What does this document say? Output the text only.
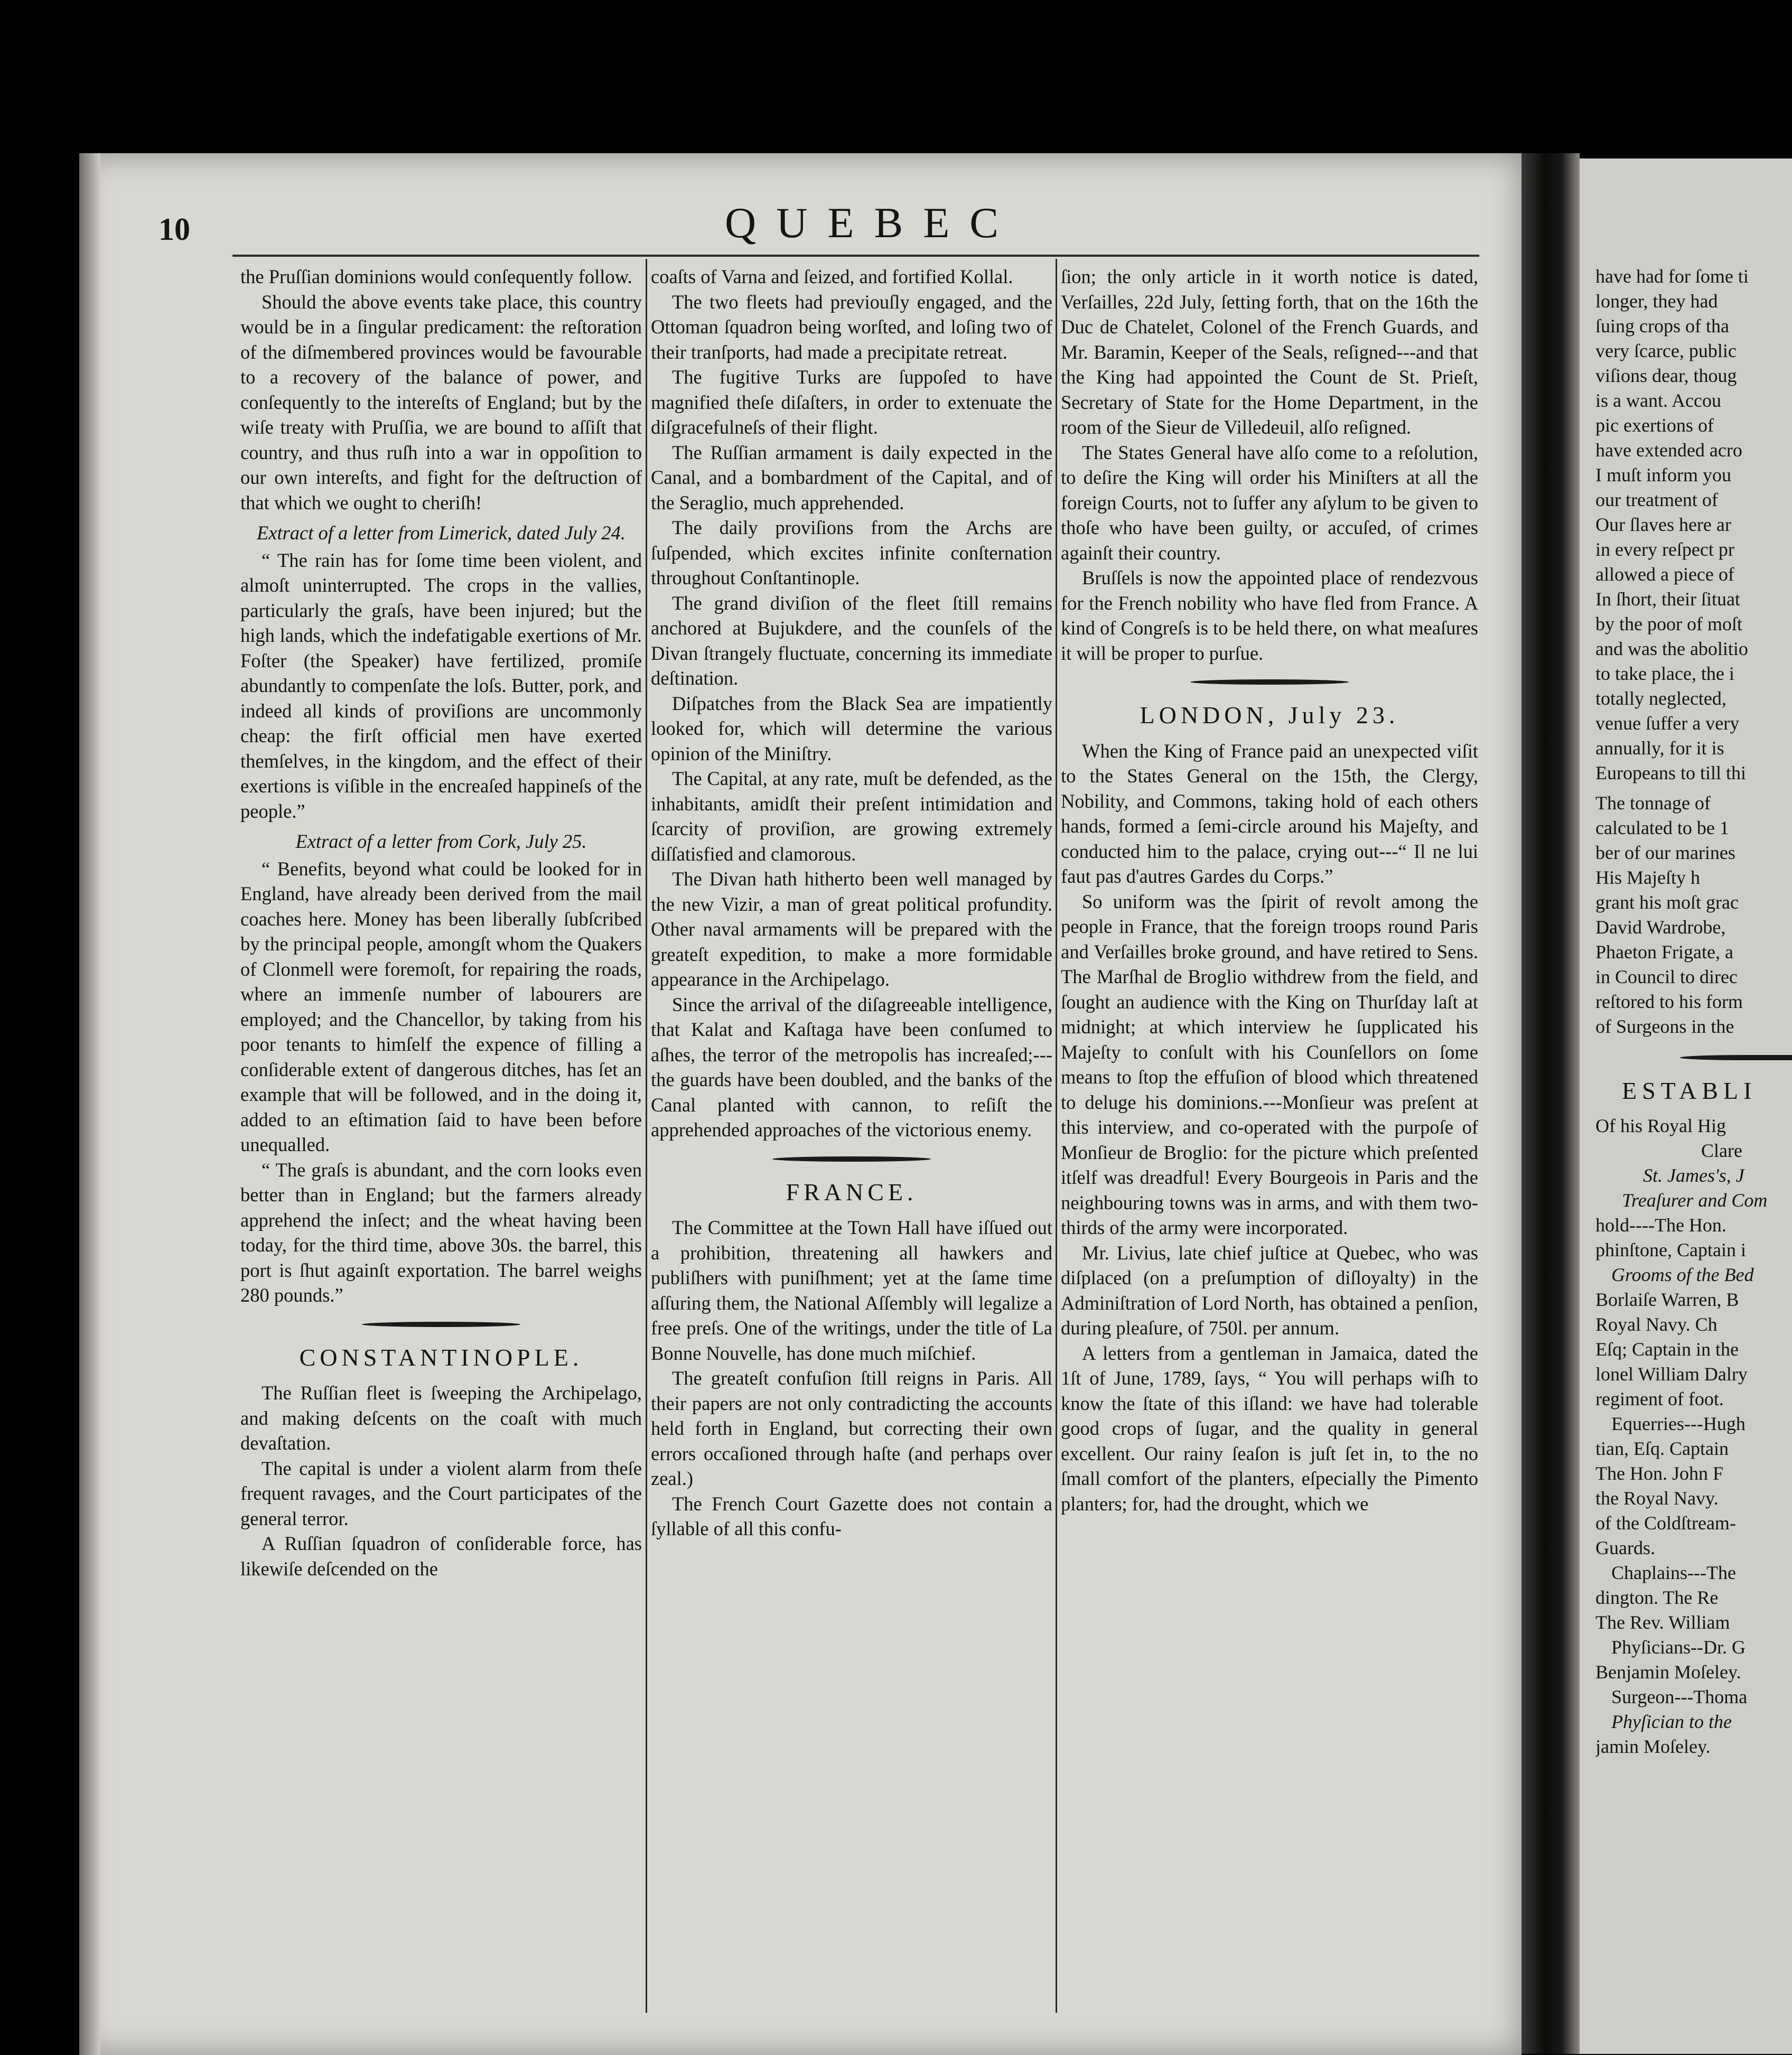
10	QUEBEC

the Pruſſian dominions would conſequently follow.

Should the above events take place, this country would be in a ſingular predicament: the reſtoration of the diſmembered provinces would be favourable to a recovery of the balance of power, and conſequently to the intereſts of England; but by the wiſe treaty with Pruſſia, we are bound to aſſiſt that country, and thus ruſh into a war in oppoſition to our own intereſts, and fight for the deſtruction of that which we ought to cheriſh!

Extract of a letter from Limerick, dated July 24.

“ The rain has for ſome time been violent, and almoſt uninterrupted. The crops in the vallies, particularly the graſs, have been injured; but the high lands, which the indefatigable exertions of Mr. Foſter (the Speaker) have fertilized, promiſe abundantly to compenſate the loſs. Butter, pork, and indeed all kinds of proviſions are uncommonly cheap: the firſt official men have exerted themſelves, in the kingdom, and the effect of their exertions is viſible in the encreaſed happineſs of the people.”

Extract of a letter from Cork, July 25.

“ Benefits, beyond what could be looked for in England, have already been derived from the mail coaches here. Money has been liberally ſubſcribed by the principal people, amongſt whom the Quakers of Clonmell were foremoſt, for repairing the roads, where an immenſe number of labourers are employed; and the Chancellor, by taking from his poor tenants to himſelf the expence of filling a conſiderable extent of dangerous ditches, has ſet an example that will be followed, and in the doing it, added to an eſtimation ſaid to have been before unequalled.

“ The graſs is abundant, and the corn looks even better than in England; but the farmers already apprehend the inſect; and the wheat having been today, for the third time, above 30s. the barrel, this port is ſhut againſt exportation. The barrel weighs 280 pounds.”

CONSTANTINOPLE.

The Ruſſian fleet is ſweeping the Archipelago, and making deſcents on the coaſt with much devaſtation.

The capital is under a violent alarm from theſe frequent ravages, and the Court participates of the general terror.

A Ruſſian ſquadron of conſiderable force, has likewiſe deſcended on the

coaſts of Varna and ſeized, and fortified Kollal.

The two fleets had previouſly engaged, and the Ottoman ſquadron being worſted, and loſing two of their tranſports, had made a precipitate retreat.

The fugitive Turks are ſuppoſed to have magnified theſe diſaſters, in order to extenuate the diſgracefulneſs of their flight.

The Ruſſian armament is daily expected in the Canal, and a bombardment of the Capital, and of the Seraglio, much apprehended.

The daily proviſions from the Archs are ſuſpended, which excites infinite conſternation throughout Conſtantinople.

The grand diviſion of the fleet ſtill remains anchored at Bujukdere, and the counſels of the Divan ſtrangely fluctuate, concerning its immediate deſtination.

Diſpatches from the Black Sea are impatiently looked for, which will determine the various opinion of the Miniſtry.

The Capital, at any rate, muſt be defended, as the inhabitants, amidſt their preſent intimidation and ſcarcity of proviſion, are growing extremely diſſatisfied and clamorous.

The Divan hath hitherto been well managed by the new Vizir, a man of great political profundity. Other naval armaments will be prepared with the greateſt expedition, to make a more formidable appearance in the Archipelago.

Since the arrival of the diſagreeable intelligence, that Kalat and Kaſtaga have been conſumed to aſhes, the terror of the metropolis has increaſed;--- the guards have been doubled, and the banks of the Canal planted with cannon, to reſiſt the apprehended approaches of the victorious enemy.

FRANCE.

The Committee at the Town Hall have iſſued out a prohibition, threatening all hawkers and publiſhers with puniſhment; yet at the ſame time aſſuring them, the National Aſſembly will legalize a free preſs. One of the writings, under the title of La Bonne Nouvelle, has done much miſchief.

The greateſt confuſion ſtill reigns in Paris. All their papers are not only contradicting the accounts held forth in England, but correcting their own errors occaſioned through haſte (and perhaps over zeal.)

The French Court Gazette does not contain a ſyllable of all this confu-

ſion; the only article in it worth notice is dated, Verſailles, 22d July, ſetting forth, that on the 16th the Duc de Chatelet, Colonel of the French Guards, and Mr. Baramin, Keeper of the Seals, reſigned---and that the King had appointed the Count de St. Prieſt, Secretary of State for the Home Department, in the room of the Sieur de Villedeuil, alſo reſigned.

The States General have alſo come to a reſolution, to deſire the King will order his Miniſters at all the foreign Courts, not to ſuffer any aſylum to be given to thoſe who have been guilty, or accuſed, of crimes againſt their country.

Bruſſels is now the appointed place of rendezvous for the French nobility who have fled from France. A kind of Congreſs is to be held there, on what meaſures it will be proper to purſue.

LONDON, July 23.

When the King of France paid an unexpected viſit to the States General on the 15th, the Clergy, Nobility, and Commons, taking hold of each others hands, formed a ſemi-circle around his Majeſty, and conducted him to the palace, crying out---“ Il ne lui faut pas d'autres Gardes du Corps.”

So uniform was the ſpirit of revolt among the people in France, that the foreign troops round Paris and Verſailles broke ground, and have retired to Sens. The Marſhal de Broglio withdrew from the field, and ſought an audience with the King on Thurſday laſt at midnight; at which interview he ſupplicated his Majeſty to conſult with his Counſellors on ſome means to ſtop the effuſion of blood which threatened to deluge his dominions.---Monſieur was preſent at this interview, and co-operated with the purpoſe of Monſieur de Broglio: for the picture which preſented itſelf was dreadful! Every Bourgeois in Paris and the neighbouring towns was in arms, and with them two-thirds of the army were incorporated.

Mr. Livius, late chief juſtice at Quebec, who was diſplaced (on a preſumption of diſloyalty) in the Adminiſtration of Lord North, has obtained a penſion, during pleaſure, of 750l. per annum.

A letters from a gentleman in Jamaica, dated the 1ſt of June, 1789, ſays, “ You will perhaps wiſh to know the ſtate of this iſland: we have had tolerable good crops of ſugar, and the quality in general excellent. Our rainy ſeaſon is juſt ſet in, to the no ſmall comfort of the planters, eſpecially the Pimento planters; for, had the drought, which we

have had for ſome ti
longer, they had
ſuing crops of tha
very ſcarce, public
viſions dear, thoug
is a want. Accou
pic exertions of
have extended acro
I muſt inform you
our treatment of
Our ſlaves here ar
in every reſpect pr
allowed a piece of
In ſhort, their ſituat
by the poor of moſt
and was the abolitio
to take place, the i
totally neglected,
venue ſuffer a very
annually, for it is
Europeans to till thi
The tonnage of
calculated to be 1
ber of our marines
His Majeſty h
grant his moſt grac
David Wardrobe,
Phaeton Frigate, a
in Council to direc
reſtored to his form
of Surgeons in the
ESTABLI
Of his Royal Hig
Clare
St. James's, J
Treaſurer and Com
hold----The Hon.
phinſtone, Captain i
Grooms of the Bed
Borlaiſe Warren, B
Royal Navy. Ch
Eſq; Captain in the
lonel William Dalry
regiment of foot.
Equerries---Hugh
tian, Eſq. Captain
The Hon. John F
the Royal Navy.
of the Coldſtream-
Guards.
Chaplains---The
dington. The Re
The Rev. William
Phyſicians--Dr. G
Benjamin Moſeley.
Surgeon---Thoma
Phyſician to the
jamin Moſeley.
